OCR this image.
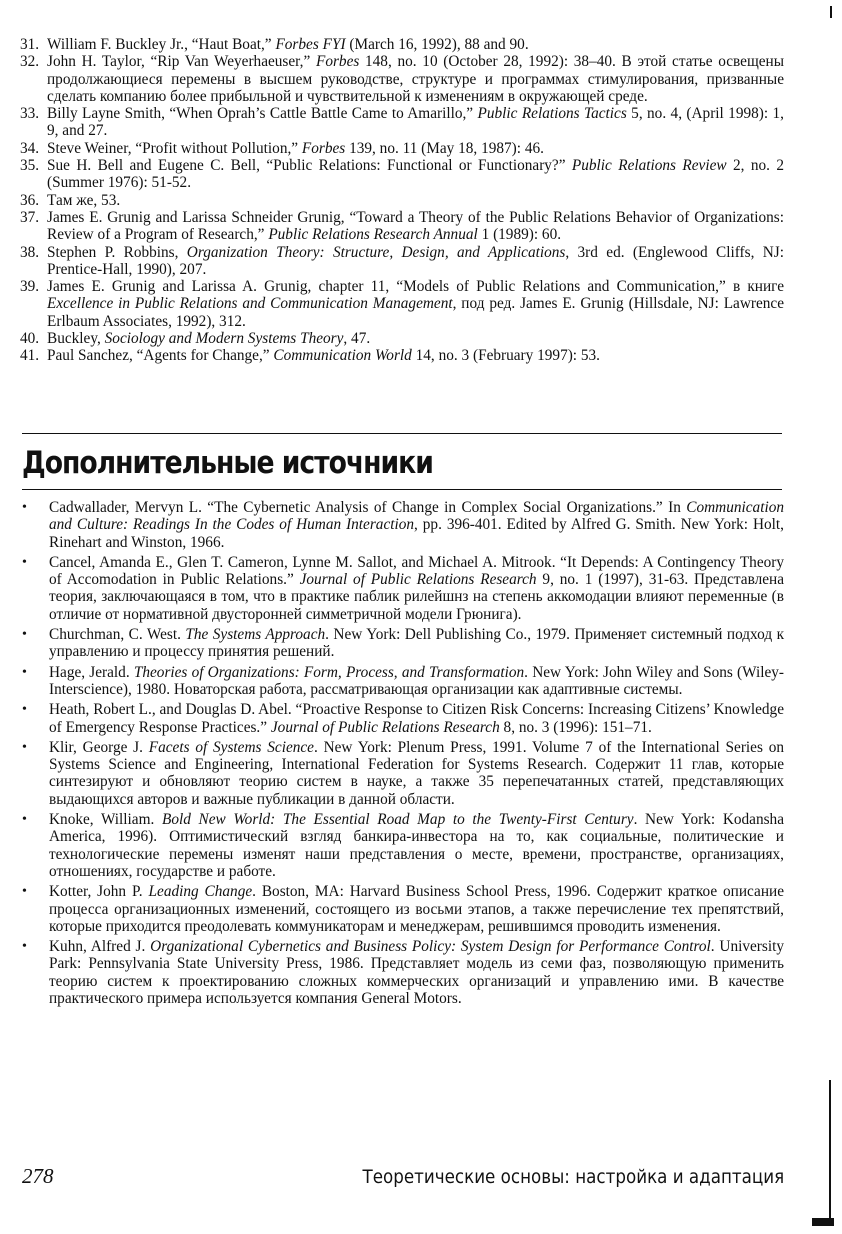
31. William F. Buckley Jr., “Haut Boat,” Forbes FYI (March 16, 1992), 88 and 90.
32. John H. Taylor, “Rip Van Weyerhaeuser,” Forbes 148, no. 10 (October 28, 1992): 38–40. В этой статье освещены продолжающиеся перемены в высшем руководстве, структуре и программах стимулирования, призванные сделать компанию более прибыльной и чувствительной к изменениям в окружающей среде.
33. Billy Layne Smith, “When Oprah’s Cattle Battle Came to Amarillo,” Public Relations Tactics 5, no. 4, (April 1998): 1, 9, and 27.
34. Steve Weiner, “Profit without Pollution,” Forbes 139, no. 11 (May 18, 1987): 46.
35. Sue H. Bell and Eugene C. Bell, “Public Relations: Functional or Functionary?” Public Relations Review 2, no. 2 (Summer 1976): 51-52.
36. Там же, 53.
37. James E. Grunig and Larissa Schneider Grunig, “Toward a Theory of the Public Relations Behavior of Organizations: Review of a Program of Research,” Public Relations Research Annual 1 (1989): 60.
38. Stephen P. Robbins, Organization Theory: Structure, Design, and Applications, 3rd ed. (Englewood Cliffs, NJ: Prentice-Hall, 1990), 207.
39. James E. Grunig and Larissa A. Grunig, chapter 11, “Models of Public Relations and Communication,” в книге Excellence in Public Relations and Communication Management, под ред. James E. Grunig (Hillsdale, NJ: Lawrence Erlbaum Associates, 1992), 312.
40. Buckley, Sociology and Modern Systems Theory, 47.
41. Paul Sanchez, “Agents for Change,” Communication World 14, no. 3 (February 1997): 53.
Дополнительные источники
•	Cadwallader, Mervyn L. “The Cybernetic Analysis of Change in Complex Social Organizations.” In Communication and Culture: Readings In the Codes of Human Interaction, pp. 396-401. Edited by Alfred G. Smith. New York: Holt, Rinehart and Winston, 1966.
•	Cancel, Amanda E., Glen T. Cameron, Lynne M. Sallot, and Michael A. Mitrook. “It Depends: A Contingency Theory of Accomodation in Public Relations.” Journal of Public Relations Research 9, no. 1 (1997), 31-63. Представлена теория, заключающаяся в том, что в практике паблик рилейшнз на степень аккомодации влияют переменные (в отличие от нормативной двусторонней симметричной модели Грюнига).
•	Churchman, C. West. The Systems Approach. New York: Dell Publishing Co., 1979. Применяет системный подход к управлению и процессу принятия решений.
•	Hage, Jerald. Theories of Organizations: Form, Process, and Transformation. New York: John Wiley and Sons (Wiley-Interscience), 1980. Новаторская работа, рассматривающая организации как адаптивные системы.
•	Heath, Robert L., and Douglas D. Abel. “Proactive Response to Citizen Risk Concerns: Increasing Citizens’ Knowledge of Emergency Response Practices.” Journal of Public Relations Research 8, no. 3 (1996): 151–71.
•	Klir, George J. Facets of Systems Science. New York: Plenum Press, 1991. Volume 7 of the International Series on Systems Science and Engineering, International Federation for Systems Research. Содержит 11 глав, которые синтезируют и обновляют теорию систем в науке, а также 35 перепечатанных статей, представляющих выдающихся авторов и важные публикации в данной области.
•	Knoke, William. Bold New World: The Essential Road Map to the Twenty-First Century. New York: Kodansha America, 1996). Оптимистический взгляд банкира-инвестора на то, как социальные, политические и технологические перемены изменят наши представления о месте, времени, пространстве, организациях, отношениях, государстве и работе.
•	Kotter, John P. Leading Change. Boston, MA: Harvard Business School Press, 1996. Содержит краткое описание процесса организационных изменений, состоящего из восьми этапов, а также перечисление тех препятствий, которые приходится преодолевать коммуникаторам и менеджерам, решившимся проводить изменения.
•	Kuhn, Alfred J. Organizational Cybernetics and Business Policy: System Design for Performance Control. University Park: Pennsylvania State University Press, 1986. Представляет модель из семи фаз, позволяющую применить теорию систем к проектированию сложных коммерческих организаций и управлению ими. В качестве практического примера используется компания General Motors.
278	Теоретические основы: настройка и адаптация
